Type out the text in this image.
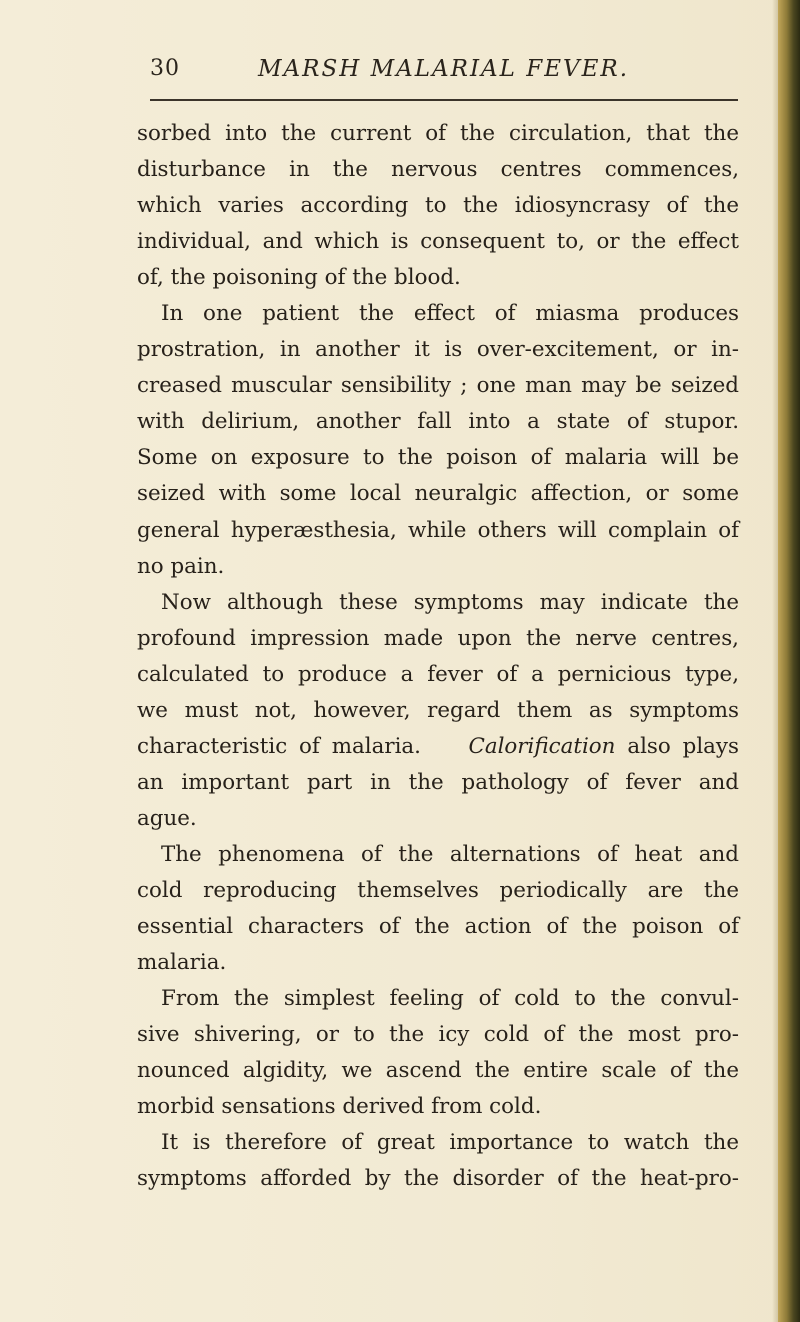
30	MARSH MALARIAL FEVER.
sorbed into the current of the circulation, that the
disturbance in the nervous centres commences,
which varies according to the idiosyncrasy of the
individual, and which is consequent to, or the effect
of, the poisoning of the blood.
In one patient the effect of miasma produces
prostration, in another it is over-excitement, or in-
creased muscular sensibility ; one man may be seized
with delirium, another fall into a state of stupor.
Some on exposure to the poison of malaria will be
seized with some local neuralgic affection, or some
general hyperæsthesia, while others will complain of
no pain.
Now although these symptoms may indicate the
profound impression made upon the nerve centres,
calculated to produce a fever of a pernicious type,
we must not, however, regard them as symptoms
characteristic of malaria. Calorification also plays
an important part in the pathology of fever and
ague.
The phenomena of the alternations of heat and
cold reproducing themselves periodically are the
essential characters of the action of the poison of
malaria.
From the simplest feeling of cold to the convul-
sive shivering, or to the icy cold of the most pro-
nounced algidity, we ascend the entire scale of the
morbid sensations derived from cold.
It is therefore of great importance to watch the
symptoms afforded by the disorder of the heat-pro-
